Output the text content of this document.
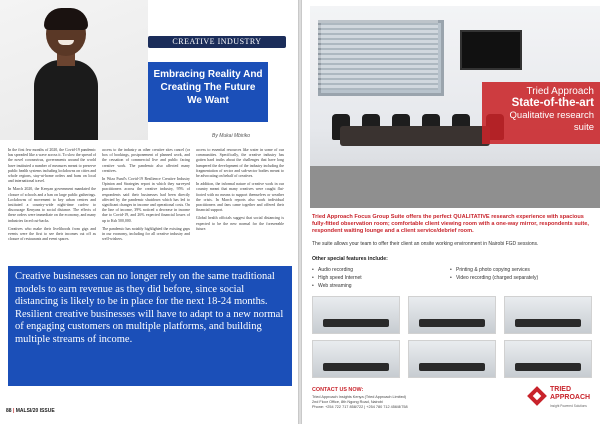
CREATIVE INDUSTRY
Embracing Reality And Creating The Future We Want
By Mukai Mbiriko

In the first few months of 2020, the Covid-19 pandemic has spreaded like a wave across it. To slow the spread of the novel coronavirus, governments around the world have instituted a number of measures meant to preserve public health systems including lockdowns on cities and whole regions, stay-at-home orders and bans on local and international travel.

In March 2020, the Kenyan government mandated the closure of schools and a ban on large public gatherings. Lockdowns of movement to key urban centres and instituted a country-wide night-time curfew to discourage Kenyans to social distance. The effects of these orders were immediate on the economy, and many industries faced cut-backs.

Creatives who make their livelihoods from gigs and events were the first to see their incomes cut off as closure of restaurants and event spaces.

access to the industry as other creative sites cancel (or box of bookings, postponement of planned work, and the cessation of commercial live and public facing creative work. The pandemic also affected many creatives.

In Wiza Fund's Covid-19 Resilience Creative Industry Opinion and Strategies report in which they surveyed practitioners across the creative industry, 95% of respondents said their businesses had been directly affected by the pandemic shutdown which has led to significant changes in income and operational costs. On the line of income, 39% noticed a decrease in income due to Covid-19, and 26% expected financial losses of up to Ksh 500,000.

The pandemic has notably highlighted the existing gaps in our economy, including for all creative industry and well-wishers.

access to essential resources like water in some of our communities. Specifically, the creative industry has gotten hard truths about the challenges that have long hampered the development of the industry including the fragmentation of sector and sub-sector bodies meant to be advocating on behalf of creatives.

In addition, the informal nature of creative work in our country meant that many creatives were caught flat-footed with no means to support themselves or weather the crisis. In March reports also work individual practitioners and fans came together and offered their financial support.

Global health officials suggest that social distancing is expected to be the new normal for the foreseeable future.

Creative businesses can no longer rely on the same traditional models to earn revenue as they did before, since social distancing is likely to be in place for the next 18-24 months. Resilient creative businesses will have to adapt to a new normal of engaging customers on multiple platforms, and building multiple streams of income.
88 | MALSI/20 ISSUE
Tried Approach
State-of-the-art
Qualitative research suite
Tried Approach Focus Group Suite offers the perfect QUALITATIVE research experience with spacious fully-fitted observation room; comfortable client viewing room with a one-way mirror, respondents suite, respondent waiting lounge and a client service/debrief room.
The suite allows your team to offer their client an onsite working environment in Nairobi FGD sessions.
Other special features include:
• Audio recording
• High speed Internet
• Web streaming
• Printing & photo copying services
• Video recording (charged separately)
CONTACT US NOW:
Tried Approach Insights Kenya (Tried Approach Limited)
2nd Floor Office, 8th Ngong Road, Nairobi
Phone: +254 722 717 858/722 | +254 780 712 456/8/758
TRIED
APPROACH
Insight Powered Solutions
